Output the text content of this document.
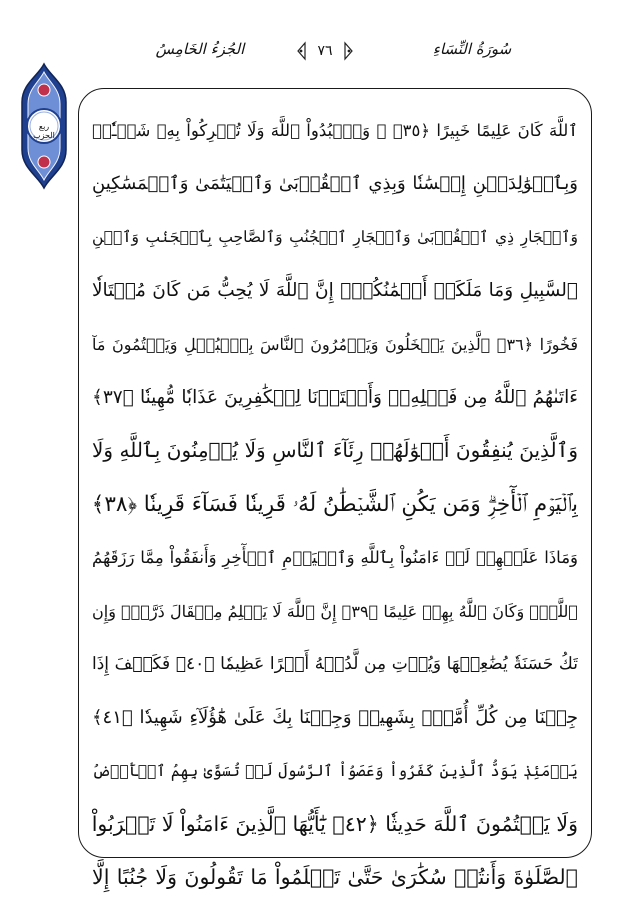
سُورَةُ النِّسَاءِ
٧٦
الجُزءُ الخَامِسُ
ربع
الحزب	ٱللَّهَ كَانَ عَلِيمًا خَبِيرًا ﴿٣٥﴾ ۞ وَٱعۡبُدُواْ ٱللَّهَ وَلَا تُشۡرِكُواْ بِهِۦ شَيۡـٔٗاۖ
وَبِٱلۡوَٰلِدَيۡنِ إِحۡسَٰنٗا وَبِذِي ٱلۡقُرۡبَىٰ وَٱلۡيَتَٰمَىٰ وَٱلۡمَسَٰكِينِ
وَٱلۡجَارِ ذِي ٱلۡقُرۡبَىٰ وَٱلۡجَارِ ٱلۡجُنُبِ وَٱلصَّاحِبِ بِٱلۡجَنۢبِ وَٱبۡنِ
ٱلسَّبِيلِ وَمَا مَلَكَتۡ أَيۡمَٰنُكُمۡۗ إِنَّ ٱللَّهَ لَا يُحِبُّ مَن كَانَ مُخۡتَالٗا
فَخُورًا ﴿٣٦﴾ ٱلَّذِينَ يَبۡخَلُونَ وَيَأۡمُرُونَ ٱلنَّاسَ بِٱلۡبُخۡلِ وَيَكۡتُمُونَ مَآ
ءَاتَىٰهُمُ ٱللَّهُ مِن فَضۡلِهِۦۗ وَأَعۡتَدۡنَا لِلۡكَٰفِرِينَ عَذَابٗا مُّهِينٗا ﴿٣٧﴾
وَٱلَّذِينَ يُنفِقُونَ أَمۡوَٰلَهُمۡ رِئَآءَ ٱلنَّاسِ وَلَا يُؤۡمِنُونَ بِٱللَّهِ وَلَا
بِٱلۡيَوۡمِ ٱلۡأٓخِرِۗ وَمَن يَكُنِ ٱلشَّيۡطَٰنُ لَهُۥ قَرِينٗا فَسَآءَ قَرِينٗا ﴿٣٨﴾
وَمَاذَا عَلَيۡهِمۡ لَوۡ ءَامَنُواْ بِٱللَّهِ وَٱلۡيَوۡمِ ٱلۡأٓخِرِ وَأَنفَقُواْ مِمَّا رَزَقَهُمُ
ٱللَّهُۚ وَكَانَ ٱللَّهُ بِهِمۡ عَلِيمًا ﴿٣٩﴾ إِنَّ ٱللَّهَ لَا يَظۡلِمُ مِثۡقَالَ ذَرَّةٖۖ وَإِن
تَكُ حَسَنَةٗ يُضَٰعِفۡهَا وَيُؤۡتِ مِن لَّدُنۡهُ أَجۡرًا عَظِيمٗا ﴿٤٠﴾ فَكَيۡفَ إِذَا
جِئۡنَا مِن كُلِّ أُمَّةِۭ بِشَهِيدٖ وَجِئۡنَا بِكَ عَلَىٰ هَٰٓؤُلَآءِ شَهِيدٗا ﴿٤١﴾
يَوۡمَئِذٖ يَوَدُّ ٱلَّذِينَ كَفَرُواْ وَعَصَوُاْ ٱلرَّسُولَ لَوۡ تُسَوَّىٰ بِهِمُ ٱلۡأَرۡضُ
وَلَا يَكۡتُمُونَ ٱللَّهَ حَدِيثٗا ﴿٤٢﴾ يَٰٓأَيُّهَا ٱلَّذِينَ ءَامَنُواْ لَا تَقۡرَبُواْ
ٱلصَّلَوٰةَ وَأَنتُمۡ سُكَٰرَىٰ حَتَّىٰ تَعۡلَمُواْ مَا تَقُولُونَ وَلَا جُنُبًا إِلَّا
